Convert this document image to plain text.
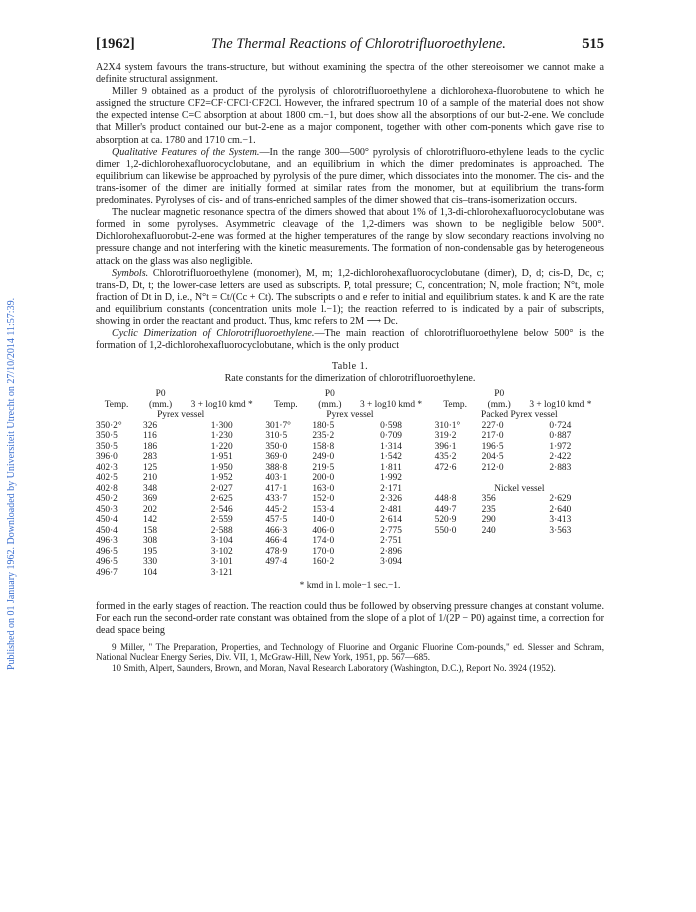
Published on 01 January 1962. Downloaded by Universiteit Utrecht on 27/10/2014 11:57:39.
[1962]	The Thermal Reactions of Chlorotrifluoroethylene.	515

A2X4 system favours the trans-structure, but without examining the spectra of the other stereoisomer we cannot make a definite structural assignment.

Miller 9 obtained as a product of the pyrolysis of chlorotrifluoroethylene a dichlorohexa-fluorobutene to which he assigned the structure CF2=CF·CFCl·CF2Cl. However, the infrared spectrum 10 of a sample of the material does not show the expected intense C=C absorption at about 1800 cm.−1, but does show all the absorptions of our but-2-ene. We conclude that Miller's product contained our but-2-ene as a major component, together with other com-ponents which gave rise to absorption at ca. 1780 and 1710 cm.−1.

Qualitative Features of the System.—In the range 300—500° pyrolysis of chlorotrifluoro-ethylene leads to the cyclic dimer 1,2-dichlorohexafluorocyclobutane, and an equilibrium in which the dimer predominates is approached. The equilibrium can likewise be approached by pyrolysis of the pure dimer, which dissociates into the monomer. The cis- and the trans-isomer of the dimer are initially formed at similar rates from the monomer, but at equilibrium the trans-form predominates. Pyrolyses of cis- and of trans-enriched samples of the dimer showed that cis–trans-isomerization occurs.

The nuclear magnetic resonance spectra of the dimers showed that about 1% of 1,3-di-chlorohexafluorocyclobutane was formed in some pyrolyses. Asymmetric cleavage of the 1,2-dimers was shown to be negligible below 500°. Dichlorohexafluorobut-2-ene was formed at the higher temperatures of the range by slow secondary reactions involving no pressure change and not interfering with the kinetic measurements. The formation of non-condensable gas by heterogeneous attack on the glass was also negligible.

Symbols. Chlorotrifluoroethylene (monomer), M, m; 1,2-dichlorohexafluorocyclobutane (dimer), D, d; cis-D, Dc, c; trans-D, Dt, t; the lower-case letters are used as subscripts. P, total pressure; C, concentration; N, mole fraction; N°t, mole fraction of Dt in D, i.e., N°t = Ct/(Cc + Ct). The subscripts o and e refer to initial and equilibrium states. k and K are the rate and equilibrium constants (concentration units mole l.−1); the reaction referred to is indicated by a pair of subscripts, showing in order the reactant and product. Thus, kmc refers to 2M ⟶ Dc.

Cyclic Dimerization of Chlorotrifluoroethylene.—The main reaction of chlorotrifluoroethylene below 500° is the formation of 1,2-dichlorohexafluorocyclobutane, which is the only product

Table 1.
Rate constants for the dimerization of chlorotrifluoroethylene.
	P0			P0			P0	
Temp.	(mm.)	3 + log10 kmd *	Temp.	(mm.)	3 + log10 kmd *	Temp.	(mm.)	3 + log10 kmd *
Pyrex vessel			Pyrex vessel			Packed Pyrex vessel		
350·2°	326	1·300	301·7°	180·5	0·598	310·1°	227·0	0·724
350·5	116	1·230	310·5	235·2	0·709	319·2	217·0	0·887
350·5	186	1·220	350·0	158·8	1·314	396·1	196·5	1·972
396·0	283	1·951	369·0	249·0	1·542	435·2	204·5	2·422
402·3	125	1·950	388·8	219·5	1·811	472·6	212·0	2·883
402·5	210	1·952	403·1	200·0	1·992			
402·8	348	2·027	417·1	163·0	2·171	Nickel vessel		
450·2	369	2·625	433·7	152·0	2·326	448·8	356	2·629
450·3	202	2·546	445·2	153·4	2·481	449·7	235	2·640
450·4	142	2·559	457·5	140·0	2·614	520·9	290	3·413
450·4	158	2·588	466·3	406·0	2·775	550·0	240	3·563
496·3	308	3·104	466·4	174·0	2·751			
496·5	195	3·102	478·9	170·0	2·896			
496·5	330	3·101	497·4	160·2	3·094			
496·7	104	3·121						
* kmd in l. mole−1 sec.−1.

formed in the early stages of reaction. The reaction could thus be followed by observing pressure changes at constant volume. For each run the second-order rate constant was obtained from the slope of a plot of 1/(2P − P0) against time, a correction for dead space being

9 Miller, " The Preparation, Properties, and Technology of Fluorine and Organic Fluorine Com-pounds," ed. Slesser and Schram, National Nuclear Energy Series, Div. VII, 1, McGraw-Hill, New York, 1951, pp. 567—685.

10 Smith, Alpert, Saunders, Brown, and Moran, Naval Research Laboratory (Washington, D.C.), Report No. 3924 (1952).
